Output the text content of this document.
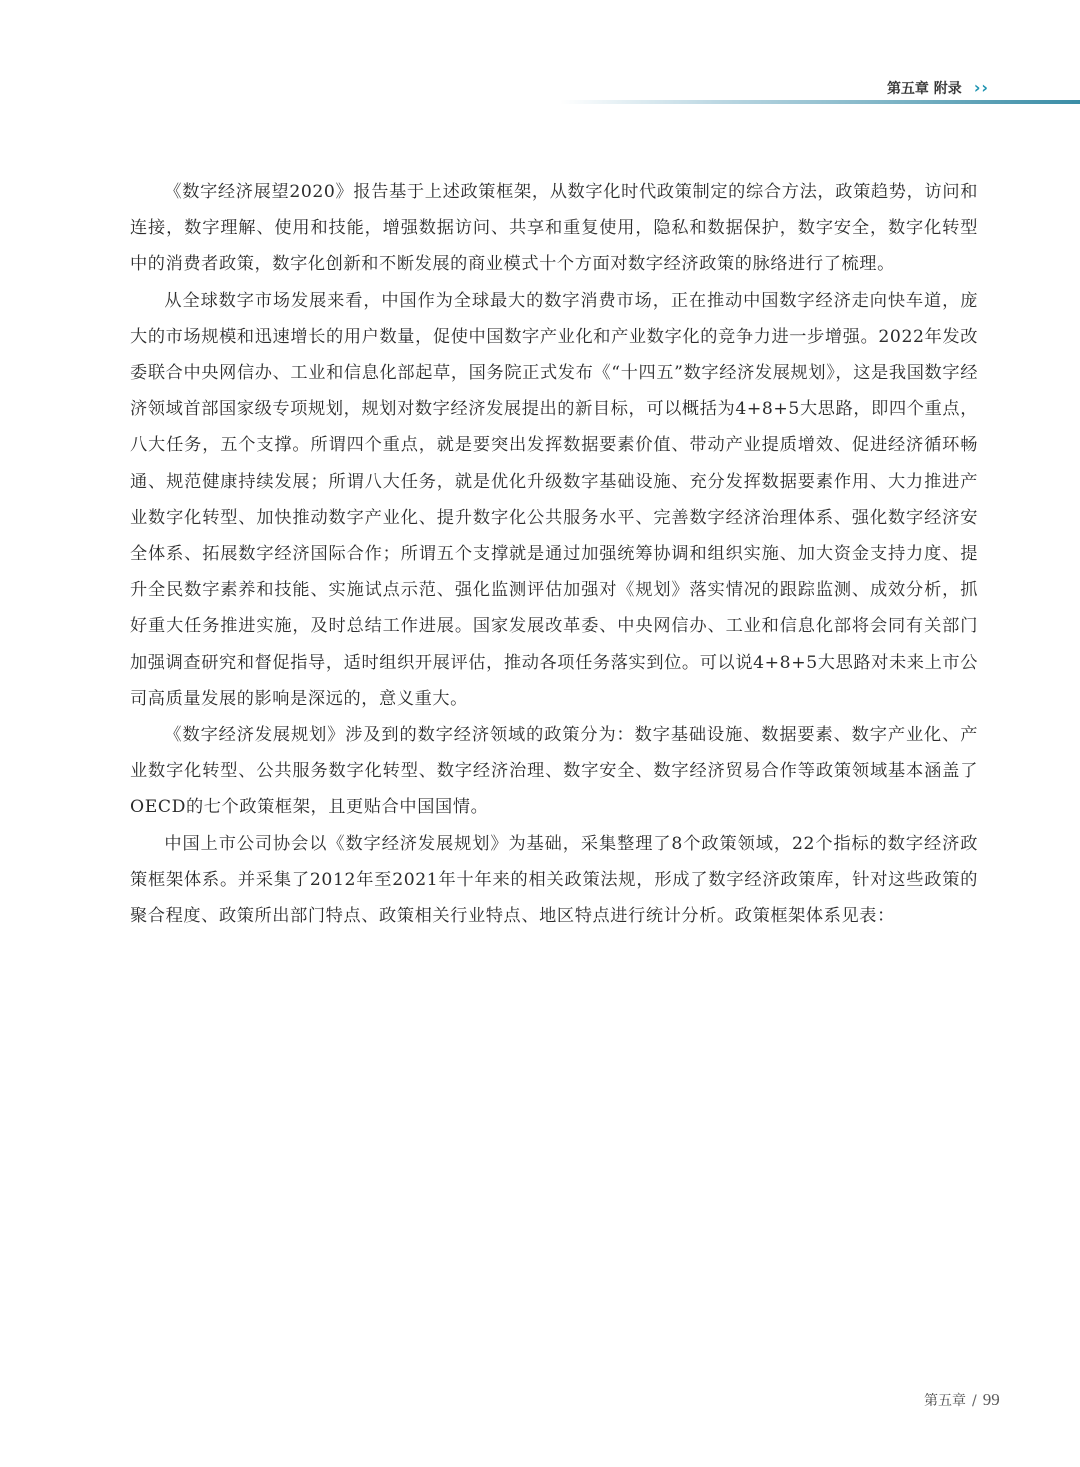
第五章 附录 › ›

《数字经济展望2020》报告基于上述政策框架，从数字化时代政策制定的综合方法，政策趋势，访问和连接，数字理解、使用和技能，增强数据访问、共享和重复使用，隐私和数据保护，数字安全，数字化转型中的消费者政策，数字化创新和不断发展的商业模式十个方面对数字经济政策的脉络进行了梳理。

从全球数字市场发展来看，中国作为全球最大的数字消费市场，正在推动中国数字经济走向快车道，庞大的市场规模和迅速增长的用户数量，促使中国数字产业化和产业数字化的竞争力进一步增强。2022年发改委联合中央网信办、工业和信息化部起草，国务院正式发布《“十四五”数字经济发展规划》，这是我国数字经济领域首部国家级专项规划，规划对数字经济发展提出的新目标，可以概括为4+8+5大思路，即四个重点，八大任务，五个支撑。所谓四个重点，就是要突出发挥数据要素价值、带动产业提质增效、促进经济循环畅通、规范健康持续发展；所谓八大任务，就是优化升级数字基础设施、充分发挥数据要素作用、大力推进产业数字化转型、加快推动数字产业化、提升数字化公共服务水平、完善数字经济治理体系、强化数字经济安全体系、拓展数字经济国际合作；所谓五个支撑就是通过加强统筹协调和组织实施、加大资金支持力度、提升全民数字素养和技能、实施试点示范、强化监测评估加强对《规划》落实情况的跟踪监测、成效分析，抓好重大任务推进实施，及时总结工作进展。国家发展改革委、中央网信办、工业和信息化部将会同有关部门加强调查研究和督促指导，适时组织开展评估，推动各项任务落实到位。可以说4+8+5大思路对未来上市公司高质量发展的影响是深远的，意义重大。

《数字经济发展规划》涉及到的数字经济领域的政策分为：数字基础设施、数据要素、数字产业化、产业数字化转型、公共服务数字化转型、数字经济治理、数字安全、数字经济贸易合作等政策领域基本涵盖了OECD的七个政策框架，且更贴合中国国情。

中国上市公司协会以《数字经济发展规划》为基础，采集整理了8个政策领域，22个指标的数字经济政策框架体系。并采集了2012年至2021年十年来的相关政策法规，形成了数字经济政策库，针对这些政策的聚合程度、政策所出部门特点、政策相关行业特点、地区特点进行统计分析。政策框架体系见表：

第五章 / 99
